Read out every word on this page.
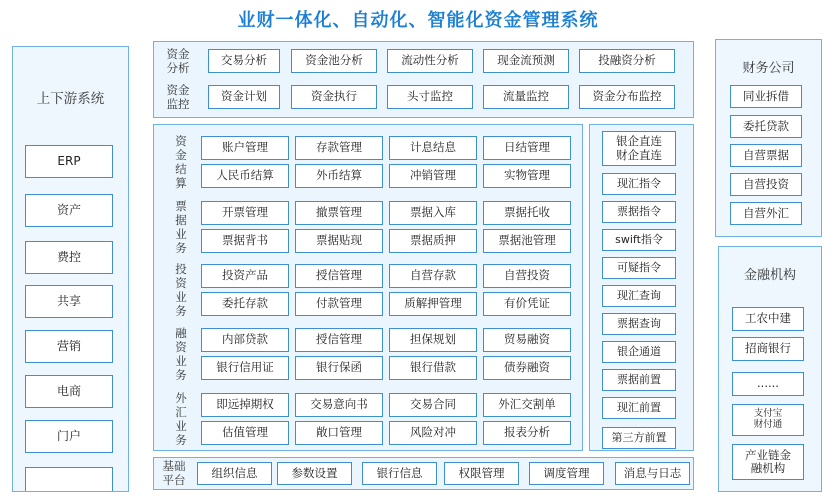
业财一体化、自动化、智能化资金管理系统
上下游系统
ERP
资产
费控
共享
营销
电商
门户
资金
分析
交易分析	资金池分析	流动性分析	现金流预测	投融资分析
资金
监控
资金计划	资金执行	头寸监控	流量监控	资金分布监控
资金结算
账户管理	存款管理	计息结息	日结管理
人民币结算	外币结算	冲销管理	实物管理
票据业务
开票管理	撤票管理	票据入库	票据托收
票据背书	票据贴现	票据质押	票据池管理
投资业务
投资产品	授信管理	自营存款	自营投资
委托存款	付款管理	质解押管理	有价凭证
融资业务
内部贷款	授信管理	担保规划	贸易融资
银行信用证	银行保函	银行借款	债券融资
外汇业务
即远掉期权	交易意向书	交易合同	外汇交割单
估值管理	敞口管理	风险对冲	报表分析
银企直连
财企直连
现汇指令
票据指令
swift指令
可疑指令
现汇查询
票据查询
银企通道
票据前置
现汇前置
第三方前置
基础
平台	组织信息	参数设置	银行信息	权限管理	调度管理	消息与日志
财务公司
同业拆借
委托贷款
自营票据
自营投资
自营外汇
金融机构
工农中建
招商银行
......
支付宝
财付通
产业链金
融机构
